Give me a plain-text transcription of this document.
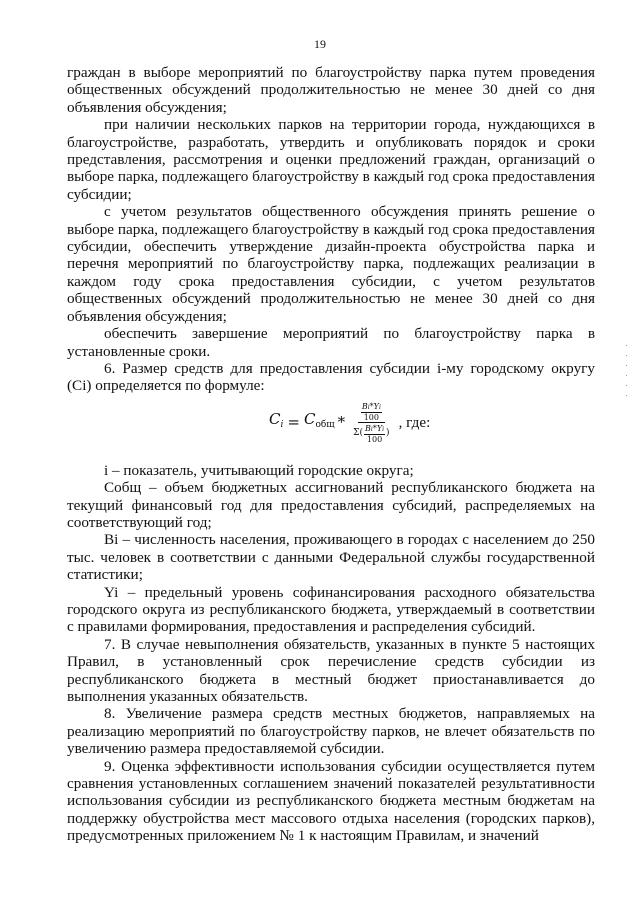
19

граждан в выборе мероприятий по благоустройству парка путем проведения общественных обсуждений продолжительностью не менее 30 дней со дня объявления обсуждения;

при наличии нескольких парков на территории города, нуждающихся в благоустройстве, разработать, утвердить и опубликовать порядок и сроки представления, рассмотрения и оценки предложений граждан, организаций о выборе парка, подлежащего благоустройству в каждый год срока предоставления субсидии;

с учетом результатов общественного обсуждения принять решение о выборе парка, подлежащего благоустройству в каждый год срока предоставления субсидии, обеспечить утверждение дизайн-проекта обустройства парка и перечня мероприятий по благоустройству парка, подлежащих реализации в каждом году срока предоставления субсидии, с учетом результатов общественных обсуждений продолжительностью не менее 30 дней со дня объявления обсуждения;

обеспечить завершение мероприятий по благоустройству парка в установленные сроки.

6. Размер средств для предоставления субсидии i-му городскому округу (Ci) определяется по формуле:

$C_i = C_{общ}$ *
$\frac{Bi*Yi}{100}$
$\Sigma( \frac{Bi*Yi}{100}$ )
, где:

i – показатель, учитывающий городские округа;

Cобщ – объем бюджетных ассигнований республиканского бюджета на текущий финансовый год для предоставления субсидий, распределяемых на соответствующий год;

Bi – численность населения, проживающего в городах с населением до 250 тыс. человек в соответствии с данными Федеральной службы государственной статистики;

Yi – предельный уровень софинансирования расходного обязательства городского округа из республиканского бюджета, утверждаемый в соответствии с правилами формирования, предоставления и распределения субсидий.

7. В случае невыполнения обязательств, указанных в пункте 5 настоящих Правил, в установленный срок перечисление средств субсидии из республиканского бюджета в местный бюджет приостанавливается до выполнения указанных обязательств.

8. Увеличение размера средств местных бюджетов, направляемых на реализацию мероприятий по благоустройству парков, не влечет обязательств по увеличению размера предоставляемой субсидии.

9. Оценка эффективности использования субсидии осуществляется путем сравнения установленных соглашением значений показателей результативности использования субсидии из республиканского бюджета местным бюджетам на поддержку обустройства мест массового отдыха населения (городских парков), предусмотренных приложением № 1 к настоящим Правилам, и значений
